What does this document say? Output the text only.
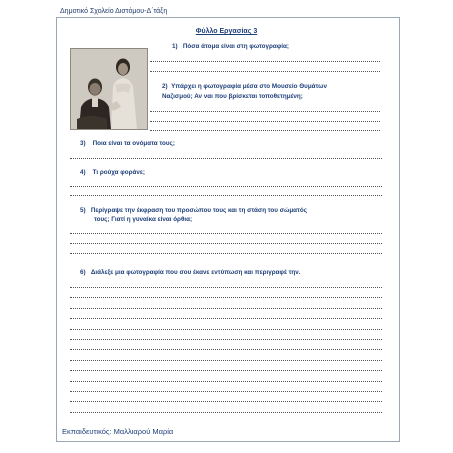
Δημοτικό Σχολείο Διστόμου-Δ΄τάξη
Φύλλο Εργασίας 3
1) Πόσα άτομα είναι στη φωτογραφία;
2) Υπάρχει η φωτογραφία μέσα στο Μουσείο Θυμάτων
Ναζισμού; Αν ναι που βρίσκεται τοποθετημένη;
3) Ποια είναι τα ονόματα τους;
4) Τι ρούχα φοράνε;
5) Περίγραψε την έκφραση του προσώπου τους και τη στάση του σώματός
τους; Γιατί η γυναίκα είναι όρθια;
6) Διάλεξε μια φωτογραφία που σου έκανε εντύπωση και περιγραφέ την.
Εκπαιδευτικός: Μαλλιαρού Μαρία
